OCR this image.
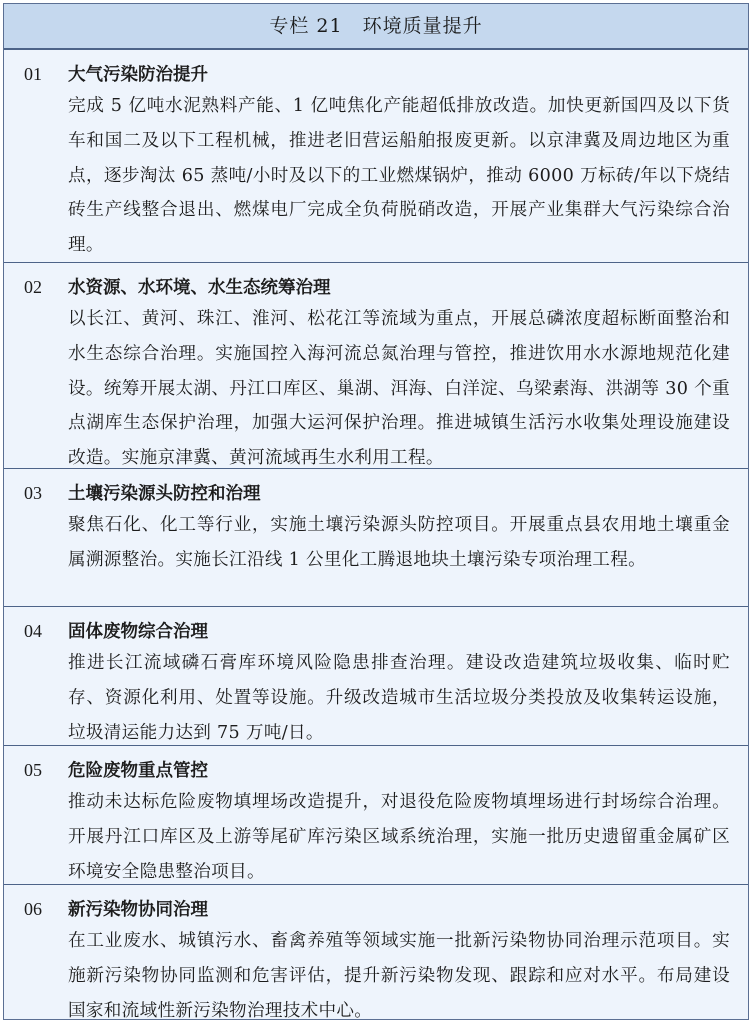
专栏 21　环境质量提升
01 大气污染防治提升
完成 5 亿吨水泥熟料产能、1 亿吨焦化产能超低排放改造。加快更新国四及以下货车和国二及以下工程机械，推进老旧营运船舶报废更新。以京津冀及周边地区为重点，逐步淘汰 65 蒸吨/小时及以下的工业燃煤锅炉，推动 6000 万标砖/年以下烧结砖生产线整合退出、燃煤电厂完成全负荷脱硝改造，开展产业集群大气污染综合治理。
02 水资源、水环境、水生态统筹治理
以长江、黄河、珠江、淮河、松花江等流域为重点，开展总磷浓度超标断面整治和水生态综合治理。实施国控入海河流总氮治理与管控，推进饮用水水源地规范化建设。统筹开展太湖、丹江口库区、巢湖、洱海、白洋淀、乌梁素海、洪湖等 30 个重点湖库生态保护治理，加强大运河保护治理。推进城镇生活污水收集处理设施建设改造。实施京津冀、黄河流域再生水利用工程。
03 土壤污染源头防控和治理
聚焦石化、化工等行业，实施土壤污染源头防控项目。开展重点县农用地土壤重金属溯源整治。实施长江沿线 1 公里化工腾退地块土壤污染专项治理工程。
04 固体废物综合治理
推进长江流域磷石膏库环境风险隐患排查治理。建设改造建筑垃圾收集、临时贮存、资源化利用、处置等设施。升级改造城市生活垃圾分类投放及收集转运设施，垃圾清运能力达到 75 万吨/日。
05 危险废物重点管控
推动未达标危险废物填埋场改造提升，对退役危险废物填埋场进行封场综合治理。开展丹江口库区及上游等尾矿库污染区域系统治理，实施一批历史遗留重金属矿区环境安全隐患整治项目。
06 新污染物协同治理
在工业废水、城镇污水、畜禽养殖等领域实施一批新污染物协同治理示范项目。实施新污染物协同监测和危害评估，提升新污染物发现、跟踪和应对水平。布局建设国家和流域性新污染物治理技术中心。
